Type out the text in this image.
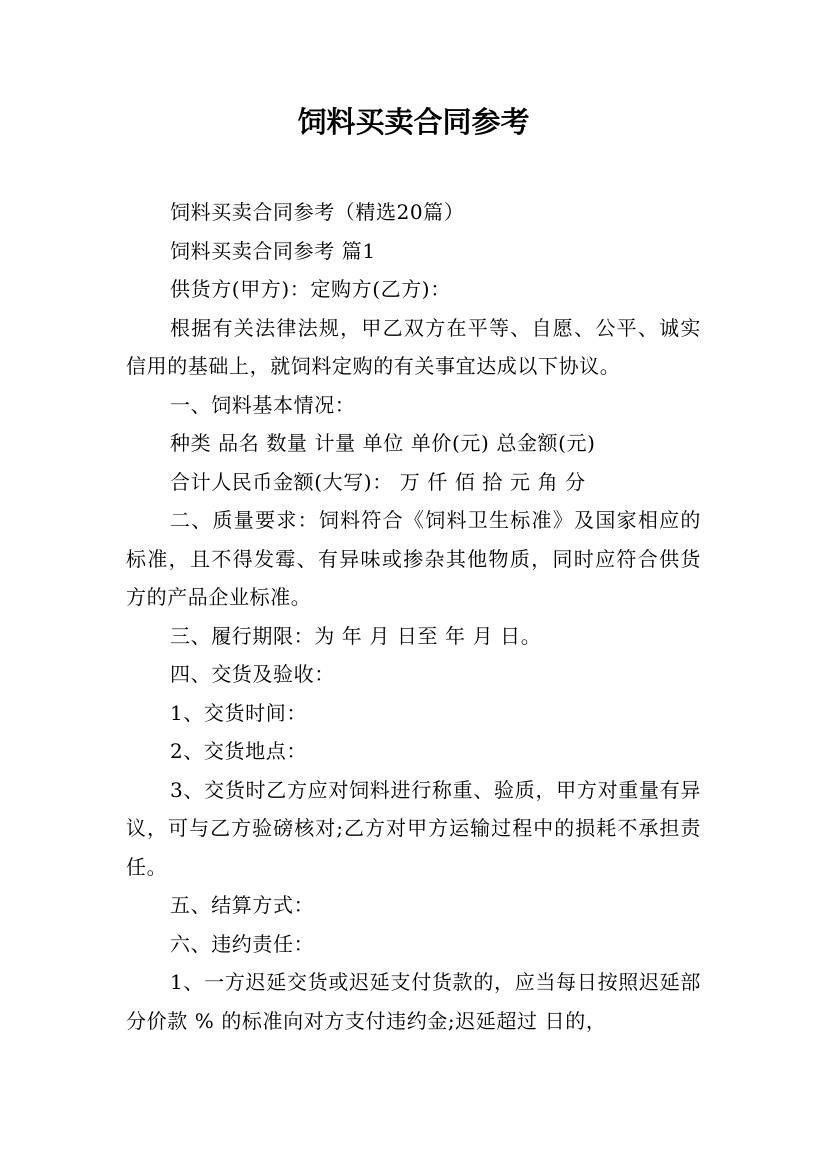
饲料买卖合同参考

饲料买卖合同参考（精选20篇）

饲料买卖合同参考 篇1

供货方(甲方)：定购方(乙方)：

根据有关法律法规，甲乙双方在平等、自愿、公平、诚实信用的基础上，就饲料定购的有关事宜达成以下协议。

一、饲料基本情况：

种类 品名 数量 计量 单位 单价(元) 总金额(元)

合计人民币金额(大写)： 万 仟 佰 拾 元 角 分

二、质量要求：饲料符合《饲料卫生标准》及国家相应的标准，且不得发霉、有异味或掺杂其他物质，同时应符合供货方的产品企业标准。

三、履行期限：为 年 月 日至 年 月 日。

四、交货及验收：

1、交货时间：

2、交货地点：

3、交货时乙方应对饲料进行称重、验质，甲方对重量有异议，可与乙方验磅核对;乙方对甲方运输过程中的损耗不承担责任。

五、结算方式：

六、违约责任：

1、一方迟延交货或迟延支付货款的，应当每日按照迟延部分价款 % 的标准向对方支付违约金;迟延超过 日的，
